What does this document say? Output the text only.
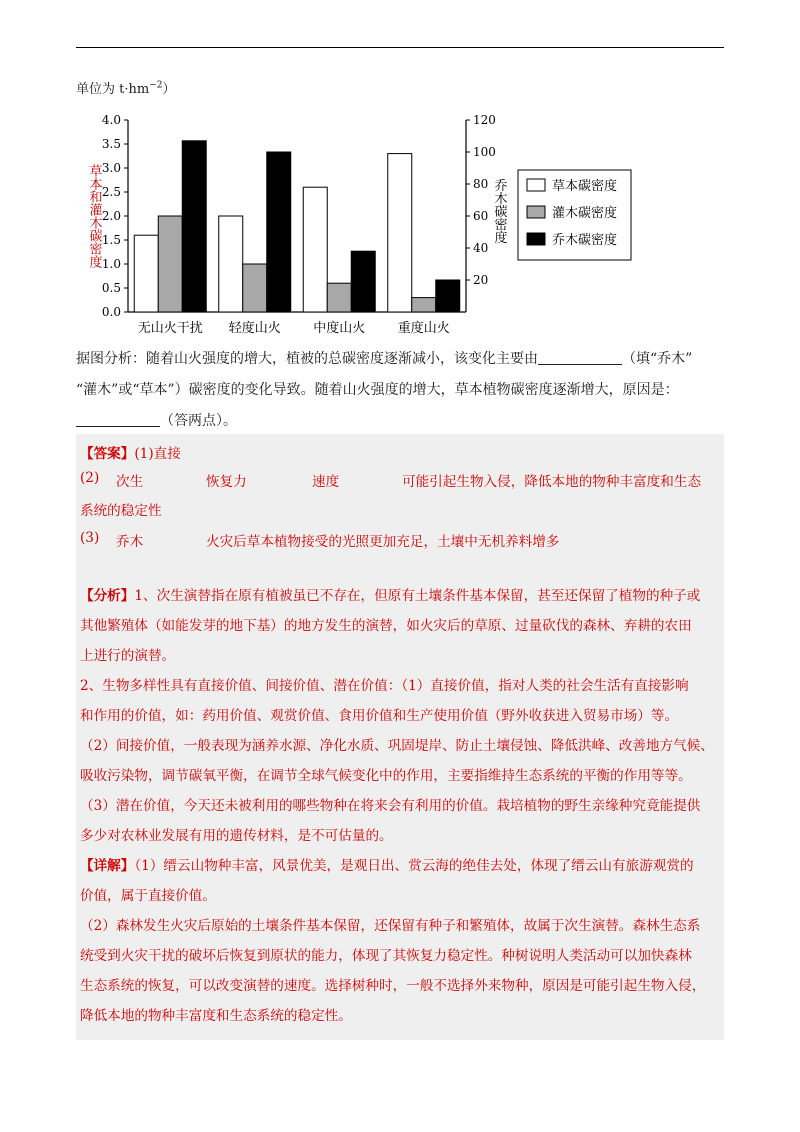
单位为 $t\cdot hm^{-2}$）
0.0
0.5
1.0
1.5
2.0
2.5
3.0
3.5
4.0
20
40
60
80
100
120
无山火干扰 轻度山火 中度山火 重度山火
草本和灌木碳密度	乔木碳密度	草本碳密度
灌木碳密度
乔木碳密度
据图分析：随着山火强度的增大，植被的总碳密度逐渐减小，该变化主要由	（填“乔木”
“灌木”或“草本”）碳密度的变化导致。随着山火强度的增大，草本植物碳密度逐渐增大，原因是：
（答两点）。
【答案】(1)直接
(2) 次生	恢复力	速度	可能引起生物入侵，降低本地的物种丰富度和生态
系统的稳定性
(3) 乔木	火灾后草本植物接受的光照更加充足，土壤中无机养料增多
【分析】1、次生演替指在原有植被虽已不存在，但原有土壤条件基本保留，甚至还保留了植物的种子或
其他繁殖体（如能发芽的地下基）的地方发生的演替，如火灾后的草原、过量砍伐的森林、弃耕的农田
上进行的演替。
2、生物多样性具有直接价值、间接价值、潜在价值：（1）直接价值，指对人类的社会生活有直接影响
和作用的价值，如：药用价值、观赏价值、食用价值和生产使用价值（野外收获进入贸易市场）等。
（2）间接价值，一般表现为涵养水源、净化水质、巩固堤岸、防止土壤侵蚀、降低洪峰、改善地方气候、
吸收污染物，调节碳氧平衡，在调节全球气候变化中的作用，主要指维持生态系统的平衡的作用等等。
（3）潜在价值，今天还未被利用的哪些物种在将来会有利用的价值。栽培植物的野生亲缘种究竟能提供
多少对农林业发展有用的遗传材料，是不可估量的。
【详解】（1）缙云山物种丰富，风景优美，是观日出、赏云海的绝佳去处，体现了缙云山有旅游观赏的
价值，属于直接价值。
（2）森林发生火灾后原始的土壤条件基本保留，还保留有种子和繁殖体，故属于次生演替。森林生态系
统受到火灾干扰的破坏后恢复到原状的能力，体现了其恢复力稳定性。种树说明人类活动可以加快森林
生态系统的恢复，可以改变演替的速度。选择树种时，一般不选择外来物种，原因是可能引起生物入侵，
降低本地的物种丰富度和生态系统的稳定性。
